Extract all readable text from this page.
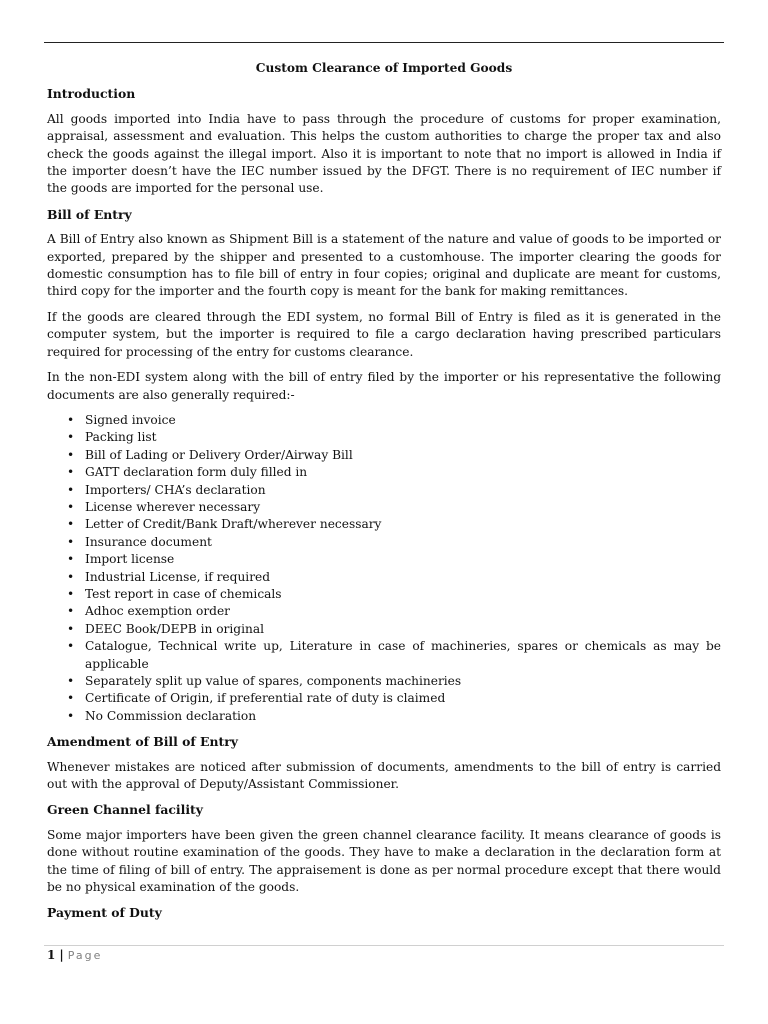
Custom Clearance of Imported Goods
Introduction

All goods imported into India have to pass through the procedure of customs for proper examination, appraisal, assessment and evaluation. This helps the custom authorities to charge the proper tax and also check the goods against the illegal import. Also it is important to note that no import is allowed in India if the importer doesn’t have the IEC number issued by the DFGT. There is no requirement of IEC number if the goods are imported for the personal use.

Bill of Entry

A Bill of Entry also known as Shipment Bill is a statement of the nature and value of goods to be imported or exported, prepared by the shipper and presented to a customhouse. The importer clearing the goods for domestic consumption has to file bill of entry in four copies; original and duplicate are meant for customs, third copy for the importer and the fourth copy is meant for the bank for making remittances.

If the goods are cleared through the EDI system, no formal Bill of Entry is filed as it is generated in the computer system, but the importer is required to file a cargo declaration having prescribed particulars required for processing of the entry for customs clearance.

In the non-EDI system along with the bill of entry filed by the importer or his representative the following documents are also generally required:-

• Signed invoice
• Packing list
• Bill of Lading or Delivery Order/Airway Bill
• GATT declaration form duly filled in
• Importers/ CHA’s declaration
• License wherever necessary
• Letter of Credit/Bank Draft/wherever necessary
• Insurance document
• Import license
• Industrial License, if required
• Test report in case of chemicals
• Adhoc exemption order
• DEEC Book/DEPB in original
• Catalogue, Technical write up, Literature in case of machineries, spares or chemicals as may be applicable
• Separately split up value of spares, components machineries
• Certificate of Origin, if preferential rate of duty is claimed
• No Commission declaration
Amendment of Bill of Entry

Whenever mistakes are noticed after submission of documents, amendments to the bill of entry is carried out with the approval of Deputy/Assistant Commissioner.

Green Channel facility

Some major importers have been given the green channel clearance facility. It means clearance of goods is done without routine examination of the goods. They have to make a declaration in the declaration form at the time of filing of bill of entry. The appraisement is done as per normal procedure except that there would be no physical examination of the goods.

Payment of Duty
1 | Page
